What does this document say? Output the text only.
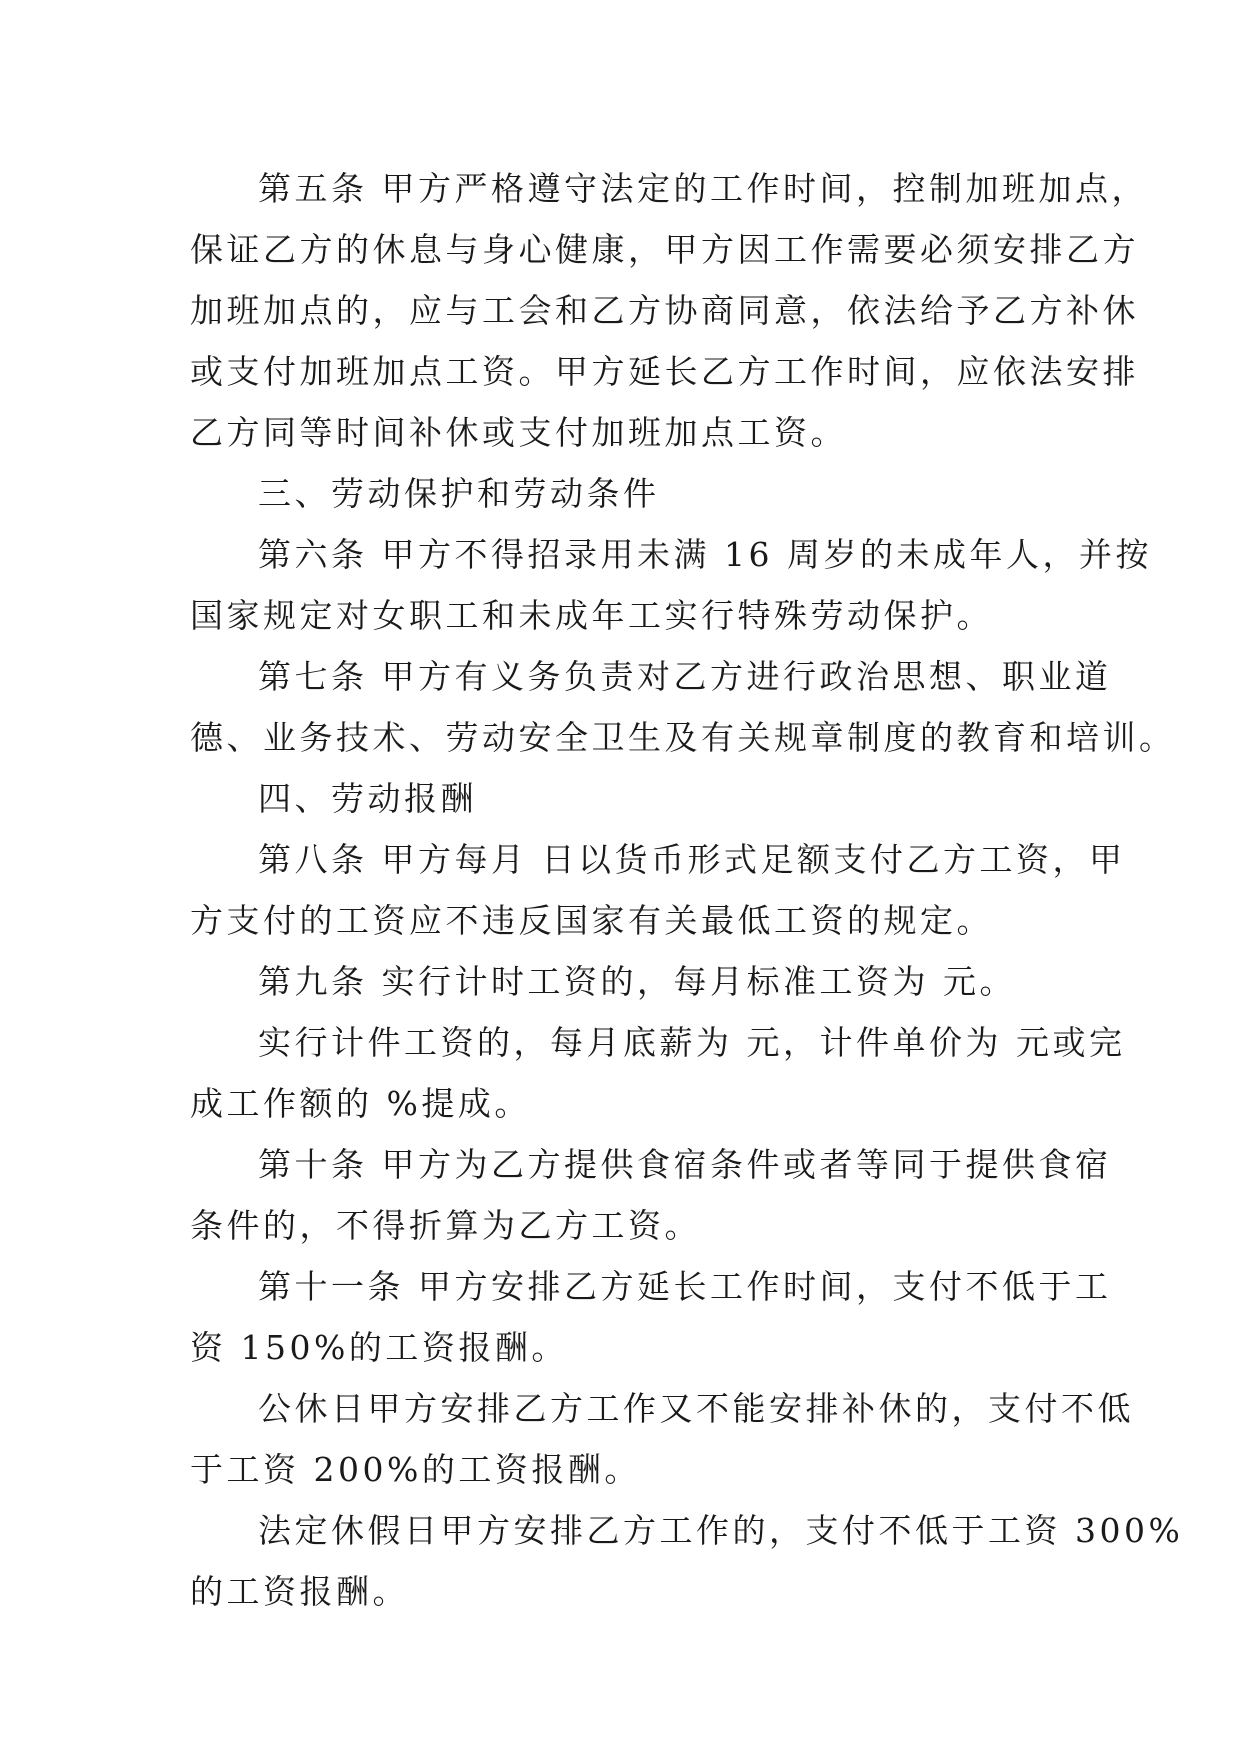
第五条 甲方严格遵守法定的工作时间，控制加班加点，
保证乙方的休息与身心健康，甲方因工作需要必须安排乙方
加班加点的，应与工会和乙方协商同意，依法给予乙方补休
或支付加班加点工资。甲方延长乙方工作时间，应依法安排
乙方同等时间补休或支付加班加点工资。
三、劳动保护和劳动条件
第六条 甲方不得招录用未满 16 周岁的未成年人，并按
国家规定对女职工和未成年工实行特殊劳动保护。
第七条 甲方有义务负责对乙方进行政治思想、职业道
德、业务技术、劳动安全卫生及有关规章制度的教育和培训。
四、劳动报酬
第八条 甲方每月 日以货币形式足额支付乙方工资，甲
方支付的工资应不违反国家有关最低工资的规定。
第九条 实行计时工资的，每月标准工资为 元。
实行计件工资的，每月底薪为 元，计件单价为 元或完
成工作额的 %提成。
第十条 甲方为乙方提供食宿条件或者等同于提供食宿
条件的，不得折算为乙方工资。
第十一条 甲方安排乙方延长工作时间，支付不低于工
资 150%的工资报酬。
公休日甲方安排乙方工作又不能安排补休的，支付不低
于工资 200%的工资报酬。
法定休假日甲方安排乙方工作的，支付不低于工资 300%
的工资报酬。
